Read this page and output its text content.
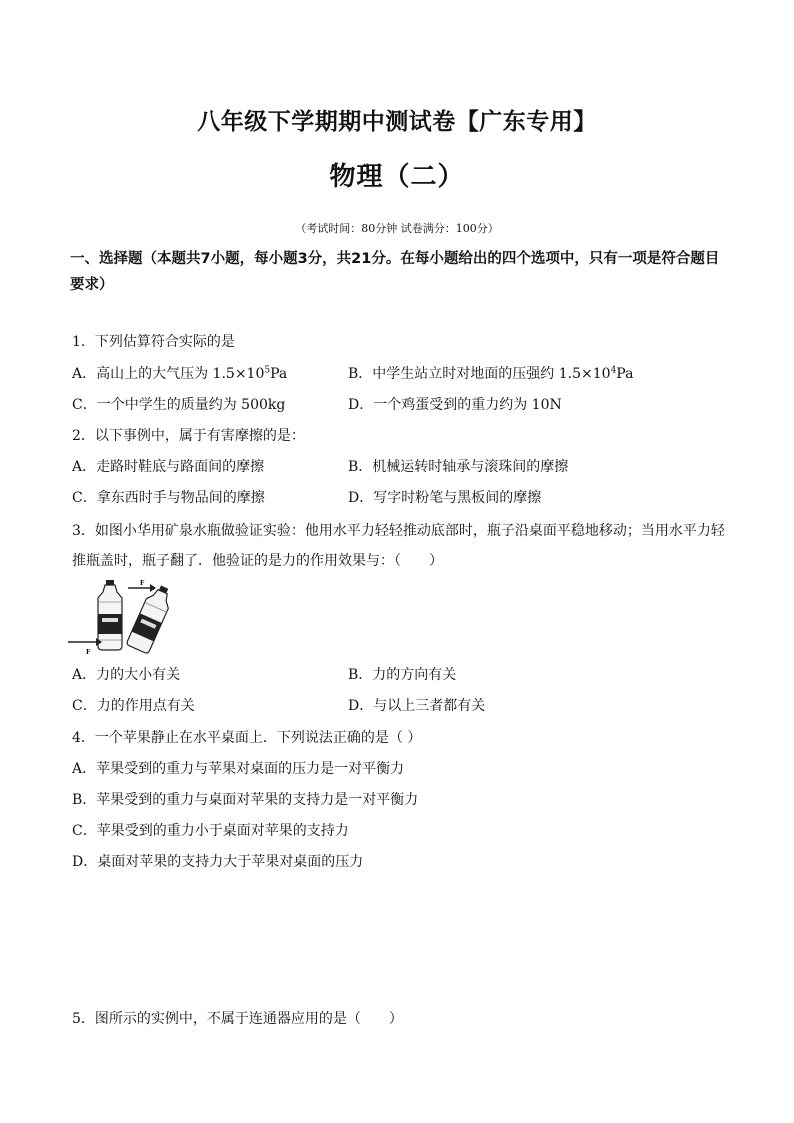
八年级下学期期中测试卷【广东专用】
物理（二）
（考试时间：80分钟 试卷满分：100分）
一、选择题（本题共7小题，每小题3分，共21分。在每小题给出的四个选项中，只有一项是符合题目要求）
1．下列估算符合实际的是
A．高山上的大气压为 $1.5\times 10^5Pa$	B．中学生站立时对地面的压强约 $1.5\times 10^4Pa$
C．一个中学生的质量约为 500kg	D．一个鸡蛋受到的重力约为 10N
2．以下事例中，属于有害摩擦的是：
A．走路时鞋底与路面间的摩擦	B．机械运转时轴承与滚珠间的摩擦
C．拿东西时手与物品间的摩擦	D．写字时粉笔与黑板间的摩擦
3．如图小华用矿泉水瓶做验证实验：他用水平力轻轻推动底部时，瓶子沿桌面平稳地移动；当用水平力轻
推瓶盖时，瓶子翻了．他验证的是力的作用效果与：（　　）
F
F
A．力的大小有关	B．力的方向有关
C．力的作用点有关	D．与以上三者都有关
4．一个苹果静止在水平桌面上．下列说法正确的是（ ）
A．苹果受到的重力与苹果对桌面的压力是一对平衡力
B．苹果受到的重力与桌面对苹果的支持力是一对平衡力
C．苹果受到的重力小于桌面对苹果的支持力
D．桌面对苹果的支持力大于苹果对桌面的压力
5．图所示的实例中，不属于连通器应用的是（　　）
